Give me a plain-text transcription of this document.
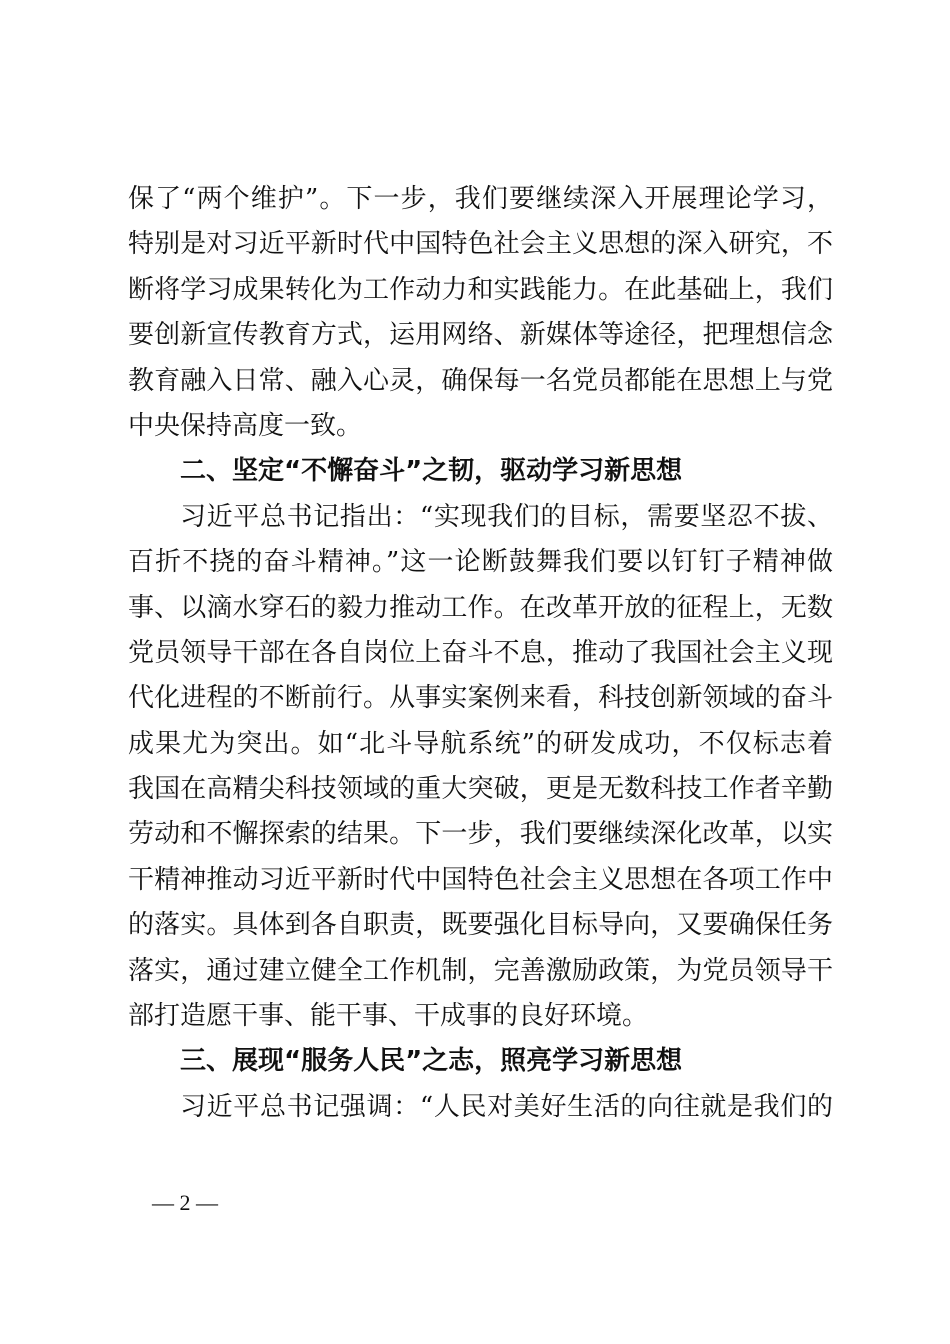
保了“两个维护”。下一步，我们要继续深入开展理论学习，
特别是对习近平新时代中国特色社会主义思想的深入研究，不
断将学习成果转化为工作动力和实践能力。在此基础上，我们
要创新宣传教育方式，运用网络、新媒体等途径，把理想信念
教育融入日常、融入心灵，确保每一名党员都能在思想上与党
中央保持高度一致。
二、坚定“不懈奋斗”之韧，驱动学习新思想
习近平总书记指出：“实现我们的目标，需要坚忍不拔、
百折不挠的奋斗精神。”这一论断鼓舞我们要以钉钉子精神做
事、以滴水穿石的毅力推动工作。在改革开放的征程上，无数
党员领导干部在各自岗位上奋斗不息，推动了我国社会主义现
代化进程的不断前行。从事实案例来看，科技创新领域的奋斗
成果尤为突出。如“北斗导航系统”的研发成功，不仅标志着
我国在高精尖科技领域的重大突破，更是无数科技工作者辛勤
劳动和不懈探索的结果。下一步，我们要继续深化改革，以实
干精神推动习近平新时代中国特色社会主义思想在各项工作中
的落实。具体到各自职责，既要强化目标导向，又要确保任务
落实，通过建立健全工作机制，完善激励政策，为党员领导干
部打造愿干事、能干事、干成事的良好环境。
三、展现“服务人民”之志，照亮学习新思想
习近平总书记强调：“人民对美好生活的向往就是我们的
— 2 —
